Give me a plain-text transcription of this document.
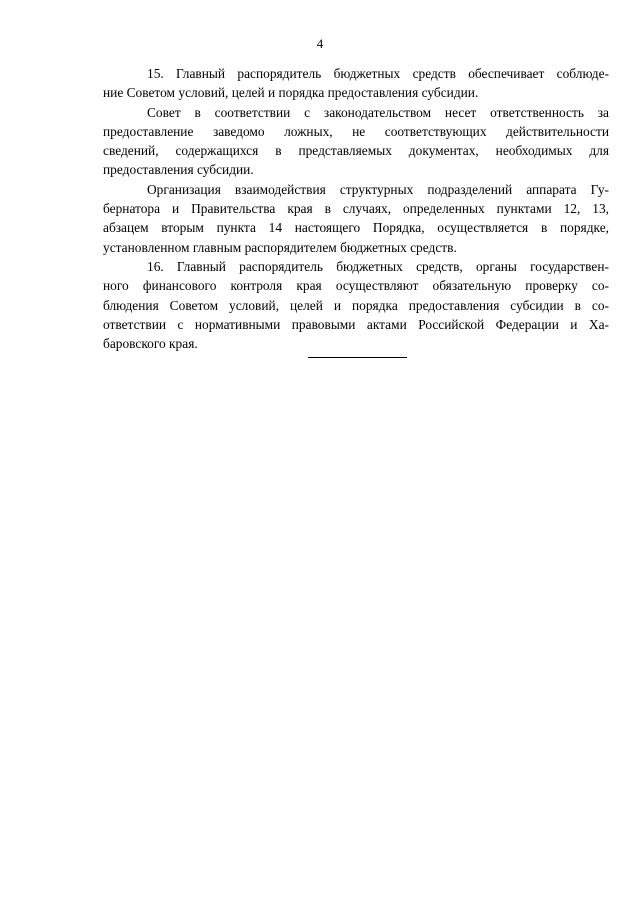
4
15. Главный распорядитель бюджетных средств обеспечивает соблюде-
ние Советом условий, целей и порядка предоставления субсидии.
Совет в соответствии с законодательством несет ответственность за
предоставление заведомо ложных, не соответствующих действительности
сведений, содержащихся в представляемых документах, необходимых для
предоставления субсидии.
Организация взаимодействия структурных подразделений аппарата Гу-
бернатора и Правительства края в случаях, определенных пунктами 12, 13,
абзацем вторым пункта 14 настоящего Порядка, осуществляется в порядке,
установленном главным распорядителем бюджетных средств.
16. Главный распорядитель бюджетных средств, органы государствен-
ного финансового контроля края осуществляют обязательную проверку со-
блюдения Советом условий, целей и порядка предоставления субсидии в со-
ответствии с нормативными правовыми актами Российской Федерации и Ха-
баровского края.
